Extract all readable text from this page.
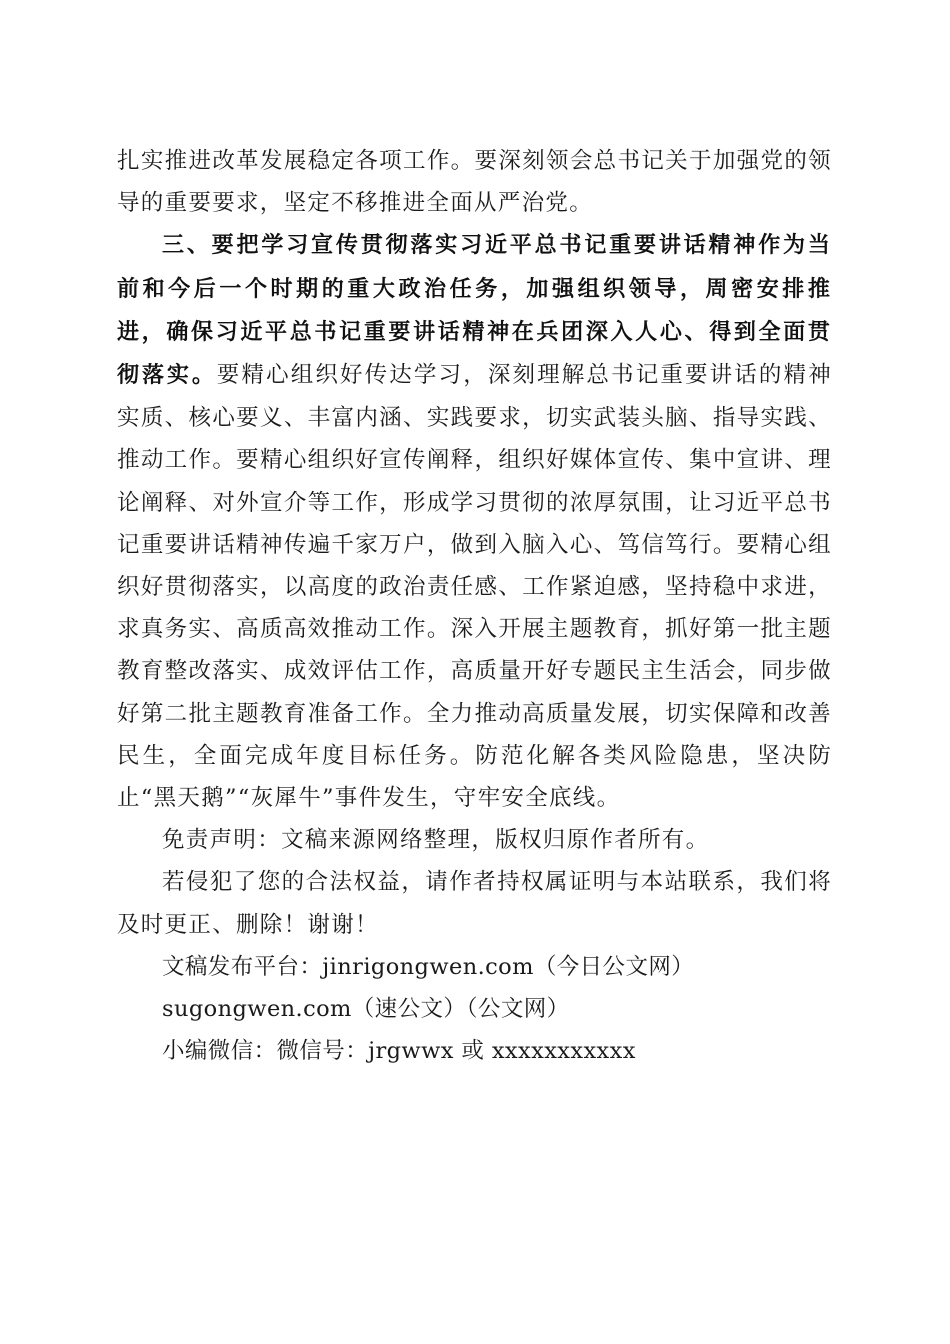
扎实推进改革发展稳定各项工作。要深刻领会总书记关于加强党的领导的重要要求，坚定不移推进全面从严治党。

三、要把学习宣传贯彻落实习近平总书记重要讲话精神作为当前和今后一个时期的重大政治任务，加强组织领导，周密安排推进，确保习近平总书记重要讲话精神在兵团深入人心、得到全面贯彻落实。要精心组织好传达学习，深刻理解总书记重要讲话的精神实质、核心要义、丰富内涵、实践要求，切实武装头脑、指导实践、推动工作。要精心组织好宣传阐释，组织好媒体宣传、集中宣讲、理论阐释、对外宣介等工作，形成学习贯彻的浓厚氛围，让习近平总书记重要讲话精神传遍千家万户，做到入脑入心、笃信笃行。要精心组织好贯彻落实，以高度的政治责任感、工作紧迫感，坚持稳中求进，求真务实、高质高效推动工作。深入开展主题教育，抓好第一批主题教育整改落实、成效评估工作，高质量开好专题民主生活会，同步做好第二批主题教育准备工作。全力推动高质量发展，切实保障和改善民生，全面完成年度目标任务。防范化解各类风险隐患，坚决防止“黑天鹅”“灰犀牛”事件发生，守牢安全底线。

免责声明：文稿来源网络整理，版权归原作者所有。

若侵犯了您的合法权益，请作者持权属证明与本站联系，我们将及时更正、删除！谢谢！

文稿发布平台：jinrigongwen.com（今日公文网）

sugongwen.com（速公文）（公文网）

小编微信：微信号：jrgwwx 或 xxxxxxxxxxx
